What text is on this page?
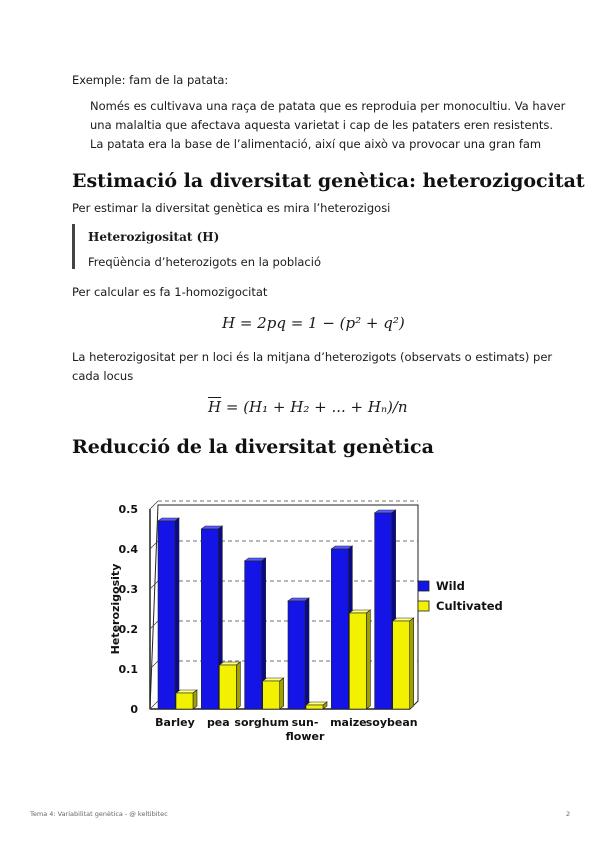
Exemple: fam de la patata:
Només es cultivava una raça de patata que es reproduia per monocultiu. Va haver
una malaltia que afectava aquesta varietat i cap de les pataters eren resistents.
La patata era la base de l’alimentació, així que això va provocar una gran fam
Estimació la diversitat genètica: heterozigocitat
Per estimar la diversitat genètica es mira l’heterozigosi
Heterozigositat (H)
Freqüència d’heterozigots en la població
Per calcular es fa 1-homozigocitat
H = 2pq = 1 − (p² + q²)
La heterozigositat per n loci és la mitjana d’heterozigots (observats o estimats) per
cada locus
$\overline{H} = (H_1 + H_2$ + ... + Hₙ)/n
Reducció de la diversitat genètica
0
0.1
0.2
0.3
0.4
0.5
Heterozigosity
Barley pea sorghum sun-
flower
maize soybean
Wild
Cultivated
Tema 4: Variabilitat genètica - @ keltibitec	2
